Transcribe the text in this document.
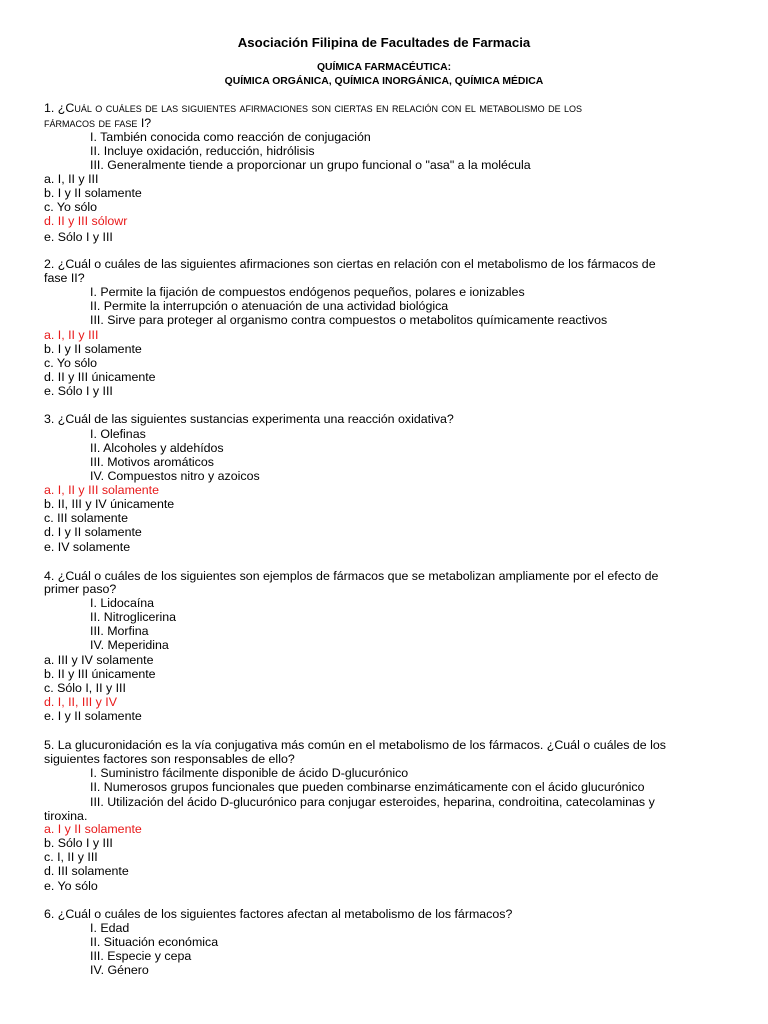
Asociación Filipina de Facultades de Farmacia
QUÍMICA FARMACÉUTICA:
QUÍMICA ORGÁNICA, QUÍMICA INORGÁNICA, QUÍMICA MÉDICA
1. ¿Cuál o cuáles de las siguientes afirmaciones son ciertas en relación con el metabolismo de los
fármacos de fase I?
I. También conocida como reacción de conjugación
II. Incluye oxidación, reducción, hidrólisis
III. Generalmente tiende a proporcionar un grupo funcional o "asa" a la molécula
a. I, II y III
b. I y II solamente
c. Yo sólo
d. II y III sólowr
e. Sólo I y III
2. ¿Cuál o cuáles de las siguientes afirmaciones son ciertas en relación con el metabolismo de los fármacos de
fase II?
I. Permite la fijación de compuestos endógenos pequeños, polares e ionizables
II. Permite la interrupción o atenuación de una actividad biológica
III. Sirve para proteger al organismo contra compuestos o metabolitos químicamente reactivos
a. I, II y III
b. I y II solamente
c. Yo sólo
d. II y III únicamente
e. Sólo I y III
3. ¿Cuál de las siguientes sustancias experimenta una reacción oxidativa?
I. Olefinas
II. Alcoholes y aldehídos
III. Motivos aromáticos
IV. Compuestos nitro y azoicos
a. I, II y III solamente
b. II, III y IV únicamente
c. III solamente
d. I y II solamente
e. IV solamente
4. ¿Cuál o cuáles de los siguientes son ejemplos de fármacos que se metabolizan ampliamente por el efecto de
primer paso?
I. Lidocaína
II. Nitroglicerina
III. Morfina
IV. Meperidina
a. III y IV solamente
b. II y III únicamente
c. Sólo I, II y III
d. I, II, III y IV
e. I y II solamente
5. La glucuronidación es la vía conjugativa más común en el metabolismo de los fármacos. ¿Cuál o cuáles de los
siguientes factores son responsables de ello?
I. Suministro fácilmente disponible de ácido D-glucurónico
II. Numerosos grupos funcionales que pueden combinarse enzimáticamente con el ácido glucurónico
III. Utilización del ácido D-glucurónico para conjugar esteroides, heparina, condroitina, catecolaminas y
tiroxina.
a. I y II solamente
b. Sólo I y III
c. I, II y III
d. III solamente
e. Yo sólo
6. ¿Cuál o cuáles de los siguientes factores afectan al metabolismo de los fármacos?
I. Edad
II. Situación económica
III. Especie y cepa
IV. Género
